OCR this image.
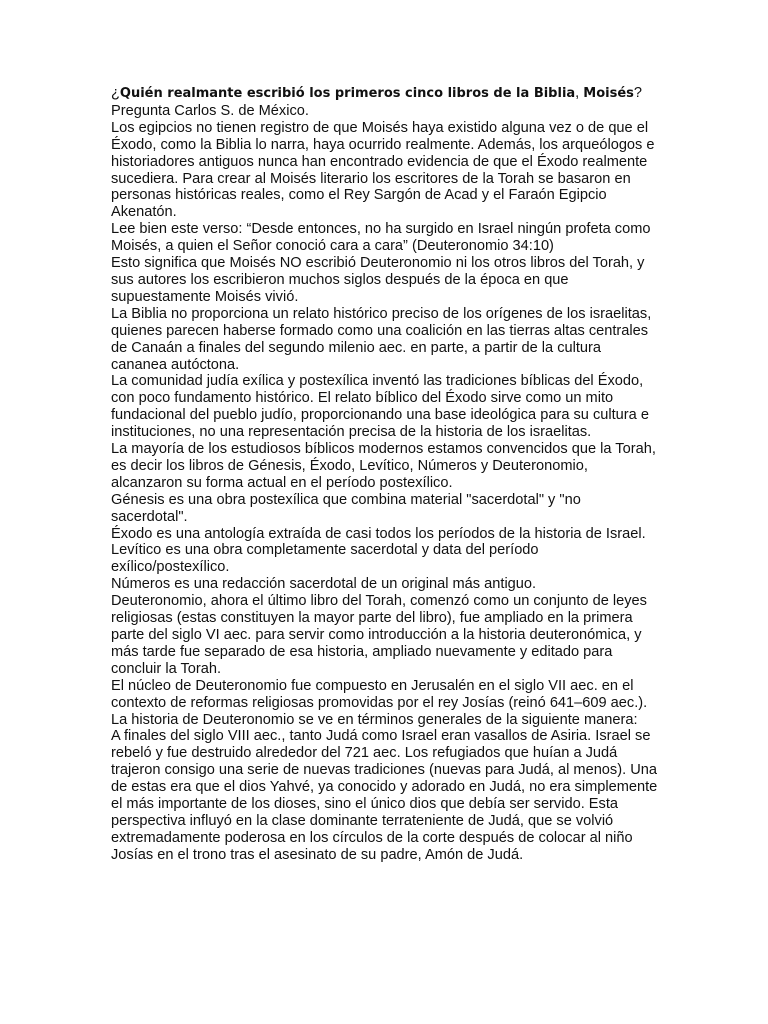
¿Quién realmante escribió los primeros cinco libros de la Biblia, Moisés?

Pregunta Carlos S. de México.

Los egipcios no tienen registro de que Moisés haya existido alguna vez o de que el Éxodo, como la Biblia lo narra, haya ocurrido realmente. Además, los arqueólogos e historiadores antiguos nunca han encontrado evidencia de que el Éxodo realmente sucediera. Para crear al Moisés literario los escritores de la Torah se basaron en personas históricas reales, como el Rey Sargón de Acad y el Faraón Egipcio Akenatón.

Lee bien este verso: “Desde entonces, no ha surgido en Israel ningún profeta como Moisés, a quien el Señor conoció cara a cara” (Deuteronomio 34:10)

Esto significa que Moisés NO escribió Deuteronomio ni los otros libros del Torah, y sus autores los escribieron muchos siglos después de la época en que supuestamente Moisés vivió.

La Biblia no proporciona un relato histórico preciso de los orígenes de los israelitas, quienes parecen haberse formado como una coalición en las tierras altas centrales de Canaán a finales del segundo milenio aec. en parte, a partir de la cultura cananea autóctona.

La comunidad judía exílica y postexílica inventó las tradiciones bíblicas del Éxodo, con poco fundamento histórico. El relato bíblico del Éxodo sirve como un mito fundacional del pueblo judío, proporcionando una base ideológica para su cultura e instituciones, no una representación precisa de la historia de los israelitas.

La mayoría de los estudiosos bíblicos modernos estamos convencidos que la Torah, es decir los libros de Génesis, Éxodo, Levítico, Números y Deuteronomio, alcanzaron su forma actual en el período postexílico.

Génesis es una obra postexílica que combina material "sacerdotal" y "no sacerdotal".

Éxodo es una antología extraída de casi todos los períodos de la historia de Israel.

Levítico es una obra completamente sacerdotal y data del período exílico/postexílico.

Números es una redacción sacerdotal de un original más antiguo.

Deuteronomio, ahora el último libro del Torah, comenzó como un conjunto de leyes religiosas (estas constituyen la mayor parte del libro), fue ampliado en la primera parte del siglo VI aec. para servir como introducción a la historia deuteronómica, y más tarde fue separado de esa historia, ampliado nuevamente y editado para concluir la Torah.

El núcleo de Deuteronomio fue compuesto en Jerusalén en el siglo VII aec. en el contexto de reformas religiosas promovidas por el rey Josías (reinó 641–609 aec.). La historia de Deuteronomio se ve en términos generales de la siguiente manera:

A finales del siglo VIII aec., tanto Judá como Israel eran vasallos de Asiria. Israel se rebeló y fue destruido alrededor del 721 aec. Los refugiados que huían a Judá trajeron consigo una serie de nuevas tradiciones (nuevas para Judá, al menos). Una de estas era que el dios Yahvé, ya conocido y adorado en Judá, no era simplemente el más importante de los dioses, sino el único dios que debía ser servido. Esta perspectiva influyó en la clase dominante terrateniente de Judá, que se volvió extremadamente poderosa en los círculos de la corte después de colocar al niño Josías en el trono tras el asesinato de su padre, Amón de Judá.
